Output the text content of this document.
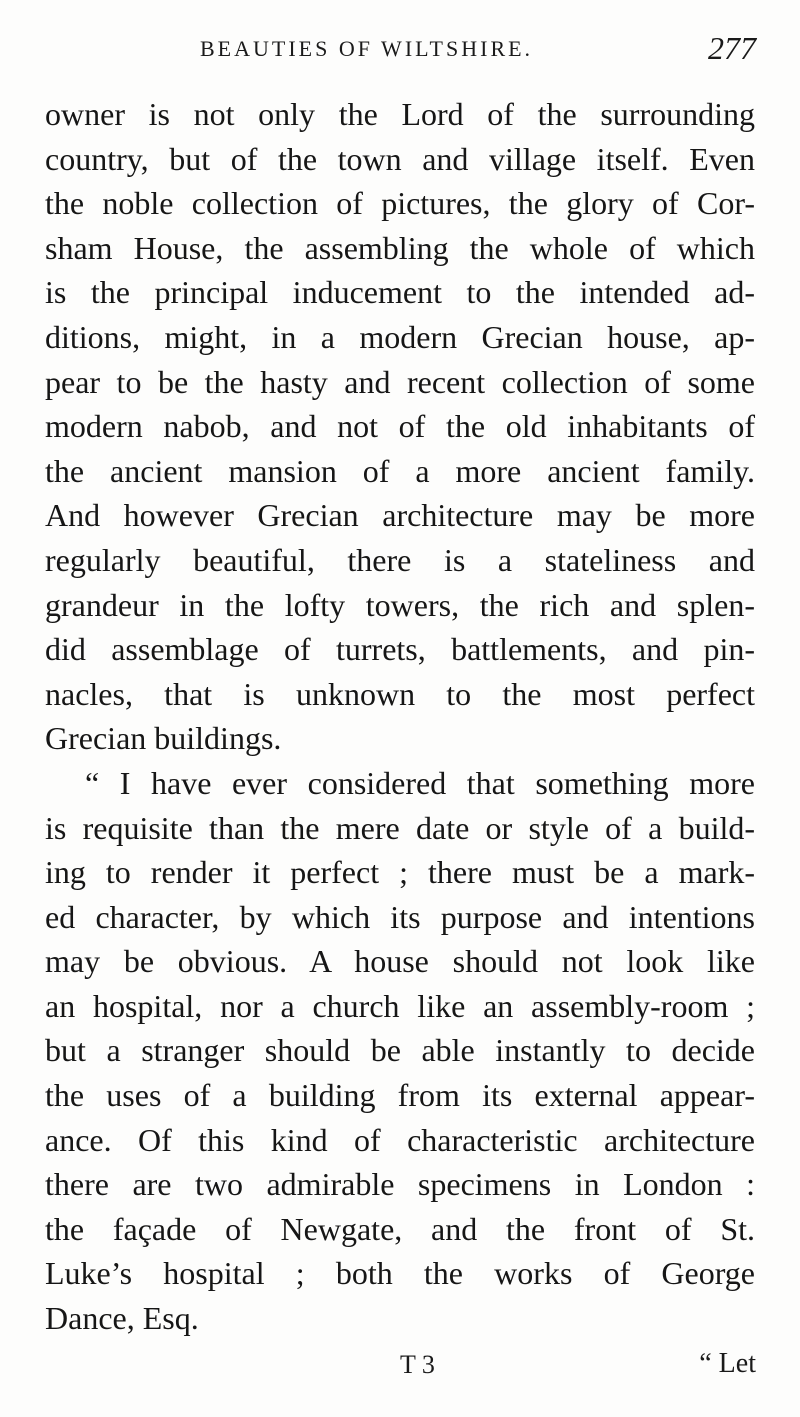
BEAUTIES OF WILTSHIRE.	277
owner is not only the Lord of the surrounding
country, but of the town and village itself. Even
the noble collection of pictures, the glory of Cor-
sham House, the assembling the whole of which
is the principal inducement to the intended ad-
ditions, might, in a modern Grecian house, ap-
pear to be the hasty and recent collection of some
modern nabob, and not of the old inhabitants of
the ancient mansion of a more ancient family.
And however Grecian architecture may be more
regularly beautiful, there is a stateliness and
grandeur in the lofty towers, the rich and splen-
did assemblage of turrets, battlements, and pin-
nacles, that is unknown to the most perfect
Grecian buildings.
“ I have ever considered that something more
is requisite than the mere date or style of a build-
ing to render it perfect ; there must be a mark-
ed character, by which its purpose and intentions
may be obvious. A house should not look like
an hospital, nor a church like an assembly-room ;
but a stranger should be able instantly to decide
the uses of a building from its external appear-
ance. Of this kind of characteristic architecture
there are two admirable specimens in London :
the façade of Newgate, and the front of St.
Luke’s hospital ; both the works of George
Dance, Esq.
T 3	“ Let
